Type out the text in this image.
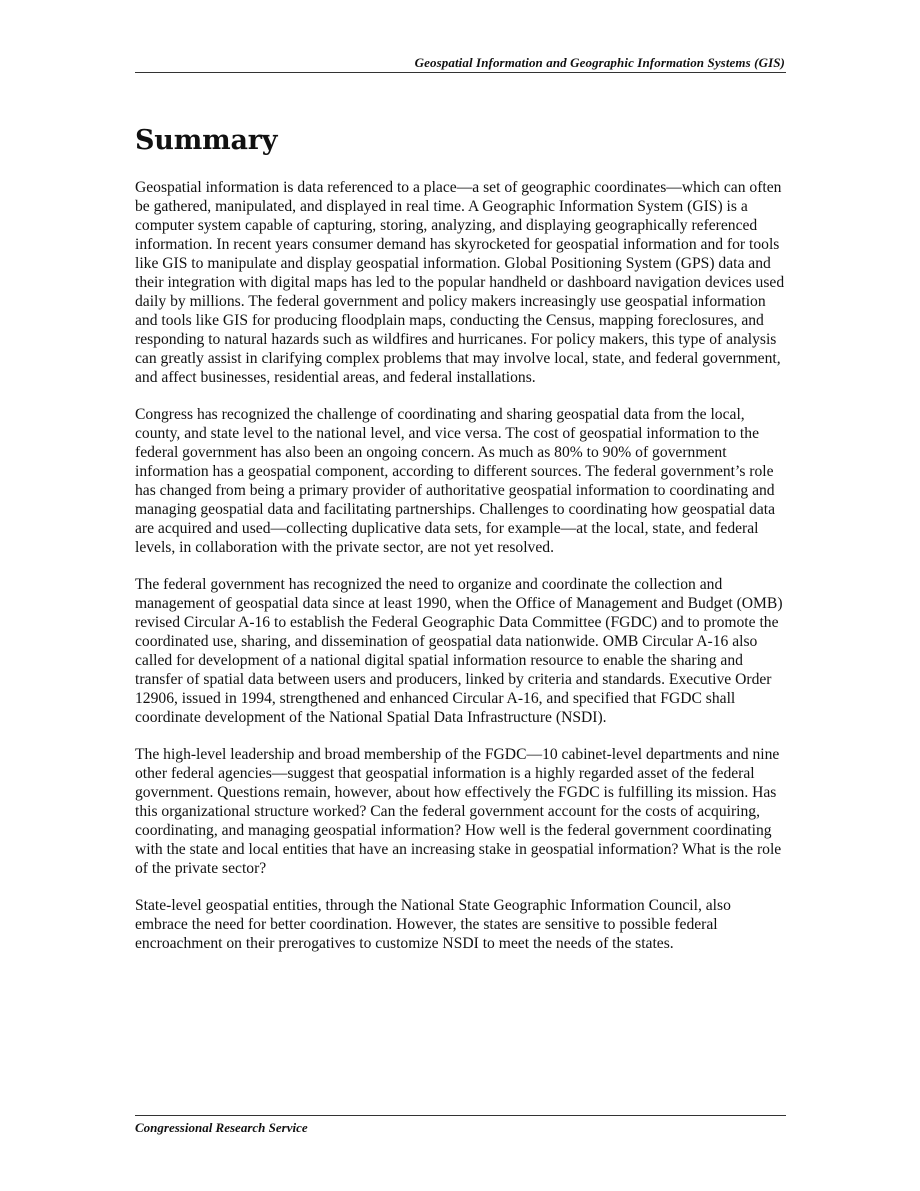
Geospatial Information and Geographic Information Systems (GIS)
Summary

Geospatial information is data referenced to a place—a set of geographic coordinates—which can often be gathered, manipulated, and displayed in real time. A Geographic Information System (GIS) is a computer system capable of capturing, storing, analyzing, and displaying geographically referenced information. In recent years consumer demand has skyrocketed for geospatial information and for tools like GIS to manipulate and display geospatial information. Global Positioning System (GPS) data and their integration with digital maps has led to the popular handheld or dashboard navigation devices used daily by millions. The federal government and policy makers increasingly use geospatial information and tools like GIS for producing floodplain maps, conducting the Census, mapping foreclosures, and responding to natural hazards such as wildfires and hurricanes. For policy makers, this type of analysis can greatly assist in clarifying complex problems that may involve local, state, and federal government, and affect businesses, residential areas, and federal installations.

Congress has recognized the challenge of coordinating and sharing geospatial data from the local, county, and state level to the national level, and vice versa. The cost of geospatial information to the federal government has also been an ongoing concern. As much as 80% to 90% of government information has a geospatial component, according to different sources. The federal government’s role has changed from being a primary provider of authoritative geospatial information to coordinating and managing geospatial data and facilitating partnerships. Challenges to coordinating how geospatial data are acquired and used—collecting duplicative data sets, for example—at the local, state, and federal levels, in collaboration with the private sector, are not yet resolved.

The federal government has recognized the need to organize and coordinate the collection and management of geospatial data since at least 1990, when the Office of Management and Budget (OMB) revised Circular A-16 to establish the Federal Geographic Data Committee (FGDC) and to promote the coordinated use, sharing, and dissemination of geospatial data nationwide. OMB Circular A-16 also called for development of a national digital spatial information resource to enable the sharing and transfer of spatial data between users and producers, linked by criteria and standards. Executive Order 12906, issued in 1994, strengthened and enhanced Circular A-16, and specified that FGDC shall coordinate development of the National Spatial Data Infrastructure (NSDI).

The high-level leadership and broad membership of the FGDC—10 cabinet-level departments and nine other federal agencies—suggest that geospatial information is a highly regarded asset of the federal government. Questions remain, however, about how effectively the FGDC is fulfilling its mission. Has this organizational structure worked? Can the federal government account for the costs of acquiring, coordinating, and managing geospatial information? How well is the federal government coordinating with the state and local entities that have an increasing stake in geospatial information? What is the role of the private sector?

State-level geospatial entities, through the National State Geographic Information Council, also embrace the need for better coordination. However, the states are sensitive to possible federal encroachment on their prerogatives to customize NSDI to meet the needs of the states.

Congressional Research Service
